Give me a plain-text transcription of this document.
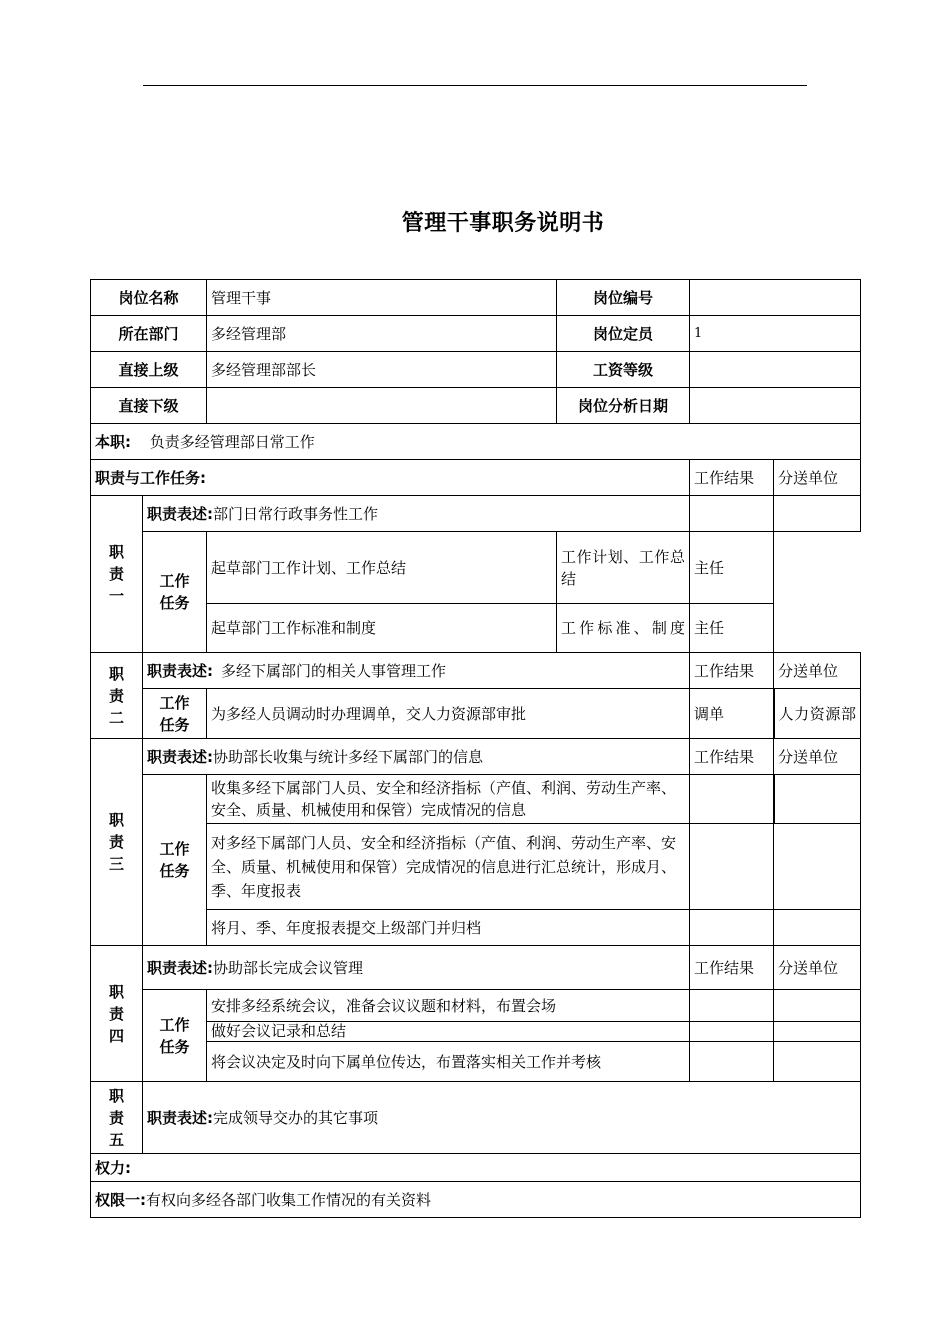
管理干事职务说明书
岗位名称		管理干事	岗位编号		
所在部门		多经管理部	岗位定员	1	
直接上级		多经管理部部长	工资等级		
直接下级			岗位分析日期		
本职: 负责多经管理部日常工作					
职责与工作任务:				工作结果	分送单位

职
责
一	职责表述:部门日常行政事务性工作				

	工作
任务	起草部门工作计划、工作总结	工作计划、工作总结	主任	
		起草部门工作标准和制度	工作标准、制度	主任	

职
责
二	职责表述: 多经下属部门的相关人事管理工作			工作结果	分送单位

	工作
任务	为多经人员调动时办理调单，交人力资源部审批		调单	人力资源部

职
责
三	职责表述:协助部长收集与统计多经下属部门的信息			工作结果	分送单位

	工作
任务	收集多经下属部门人员、安全和经济指标（产值、利润、劳动生产率、安全、质量、机械使用和保管）完成情况的信息			
		对多经下属部门人员、安全和经济指标（产值、利润、劳动生产率、安全、质量、机械使用和保管）完成情况的信息进行汇总统计，形成月、季、年度报表			
		将月、季、年度报表提交上级部门并归档			

职
责
四	职责表述:协助部长完成会议管理			工作结果	分送单位

	工作
任务	安排多经系统会议，准备会议议题和材料，布置会场			
		做好会议记录和总结			
		将会议决定及时向下属单位传达，布置落实相关工作并考核			

职
责
五	职责表述:完成领导交办的其它事项				
权力:					
权限一:有权向多经各部门收集工作情况的有关资料					
